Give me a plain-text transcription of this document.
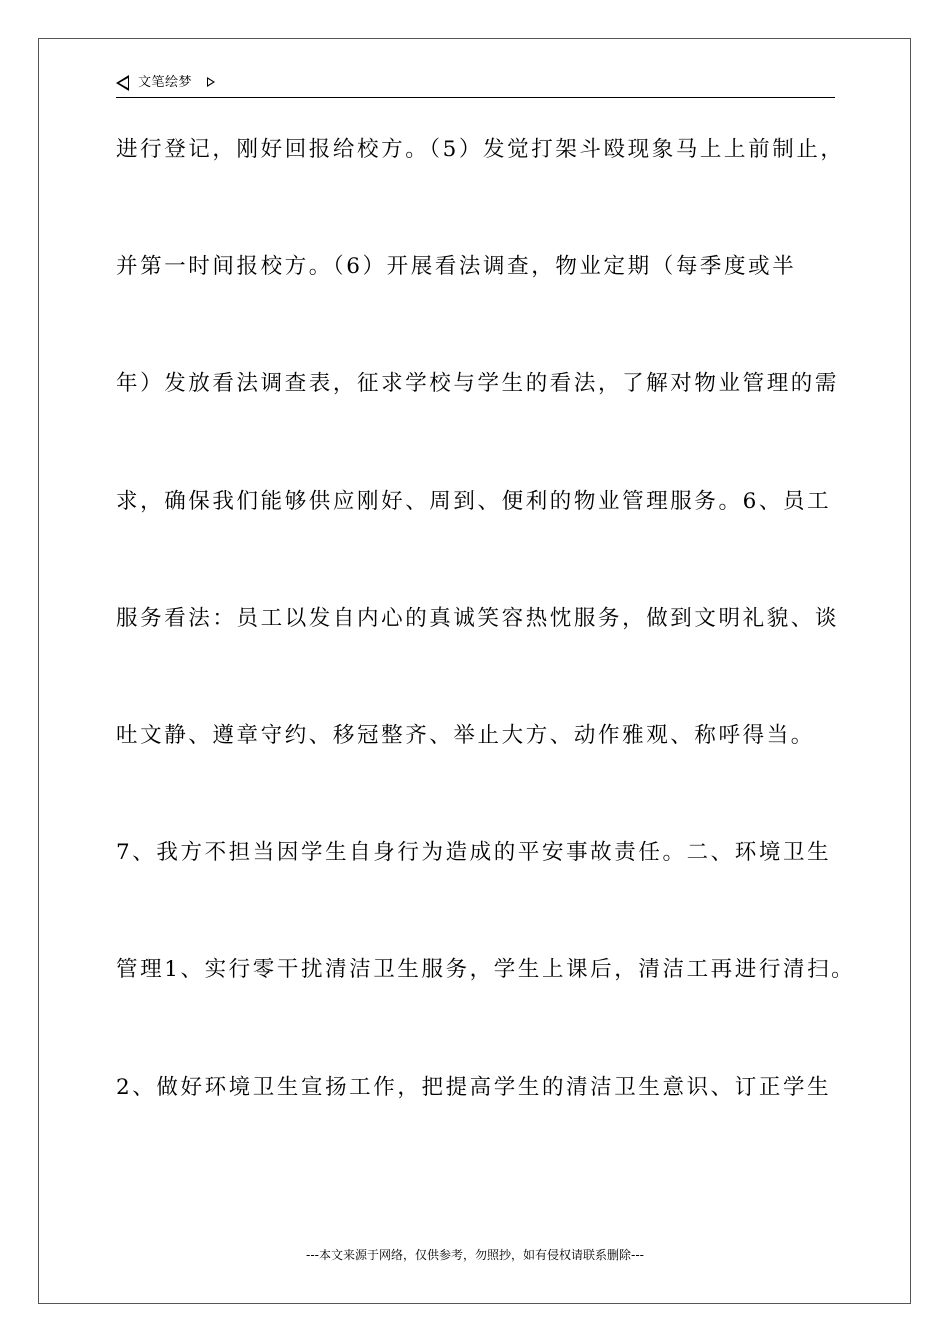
文笔绘梦
进行登记，刚好回报给校方。（5）发觉打架斗殴现象马上上前制止，
并第一时间报校方。（6）开展看法调查，物业定期（每季度或半
年）发放看法调查表，征求学校与学生的看法，了解对物业管理的需
求，确保我们能够供应刚好、周到、便利的物业管理服务。6、员工
服务看法：员工以发自内心的真诚笑容热忱服务，做到文明礼貌、谈
吐文静、遵章守约、移冠整齐、举止大方、动作雅观、称呼得当。
7、我方不担当因学生自身行为造成的平安事故责任。二、环境卫生
管理1、实行零干扰清洁卫生服务，学生上课后，清洁工再进行清扫。
2、做好环境卫生宣扬工作，把提高学生的清洁卫生意识、订正学生
---本文来源于网络，仅供参考，勿照抄，如有侵权请联系删除---
